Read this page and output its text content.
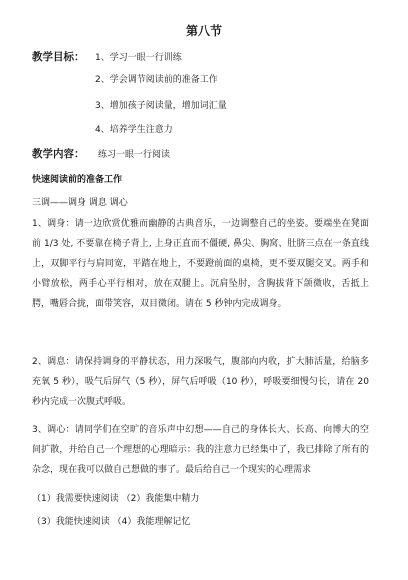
第八节
教学目标： 1、学习一眼一行训练
2、学会调节阅读前的准备工作
3、增加孩子阅读量，增加词汇量
4、培养学生注意力
教学内容： 练习一眼一行阅读
快速阅读前的准备工作
三调——调身 调息 调心
1、调身：请一边欣赏优雅而幽静的古典音乐，一边调整自己的坐姿。要端坐在凳面前 1/3 处, 不要靠在椅子背上, 上身正直而不僵硬, 鼻尖、胸窝、肚脐三点在一条直线上，双脚平行与肩同宽，平踏在地上，不要蹬前面的桌椅，更不要双腿交叉。两手和小臂放松，两手心平行相对，放在双腿上。沉肩坠肘，含胸拔背下颌微收，舌抵上腭，嘴唇合拢，面带笑容，双目微闭。请在 5 秒钟内完成调身。
2、调息：请保持调身的平静状态，用力深吸气，腹部向内收，扩大肺活量，给脑多充氧 5 秒），吸气后屏气（5 秒），屏气后呼吸（10 秒），呼吸要细慢匀长，请在 20 秒内完成一次腹式呼吸。
3、调心：请同学们在空旷的音乐声中幻想——自己的身体长大、长高、向博大的空间扩散，并给自己一个理想的心理暗示：我的注意力已经集中了，我已排除了所有的杂念，现在我可以做自己想做的事了。最后给自己一个现实的心理需求
（1）我需要快速阅读 （2）我能集中精力
（3）我能快速阅读 （4）我能理解记忆
